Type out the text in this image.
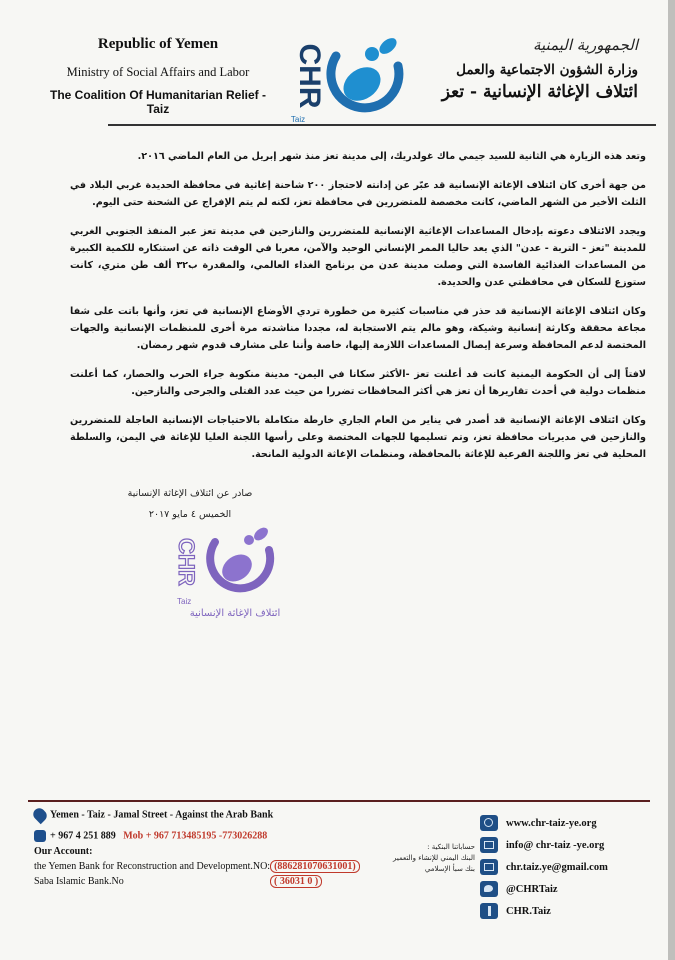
Republic of Yemen
Ministry of Social Affairs and Labor
The Coalition Of Humanitarian Relief - Taiz
CHR
Taiz
الجمهورية اليمنية
وزارة الشؤون الاجتماعية والعمل
ائتلاف الإغاثة الإنسانية - تعز

وتعد هذه الزيارة هي الثانية للسيد جيمي ماك غولدريك، إلى مدينة تعز منذ شهر إبريل من العام الماضي ٢٠١٦.

من جهة أخرى كان ائتلاف الإغاثة الإنسانية قد عبّر عن إدانته لاحتجاز ٢٠٠ شاحنة إغاثية في محافظة الحديدة غربي البلاد في الثلث الأخير من الشهر الماضي، كانت مخصصة للمتضررين في محافظة تعز، لكنه لم يتم الإفراج عن الشحنة حتى اليوم.

ويجدد الائتلاف دعوته بإدخال المساعدات الإغاثية الإنسانية للمتضررين والنازحين في مدينة تعز عبر المنفذ الجنوبي الغربي للمدينة "تعز - التربة - عدن" الذي يعد حاليا الممر الإنساني الوحيد والآمن، معربا في الوقت ذاته عن استنكاره للكمية الكبيرة من المساعدات الغذائية الفاسدة التي وصلت مدينة عدن من برنامج الغذاء العالمي، والمقدرة ب٣٢ ألف طن متري، كانت ستوزع للسكان في محافظتي عدن والحديدة.

وكان ائتلاف الإغاثة الإنسانية قد حذر في مناسبات كثيرة من خطورة تردي الأوضاع الإنسانية في تعز، وأنها باتت على شفا مجاعة محققة وكارثة إنسانية وشيكة، وهو مالم يتم الاستجابة له، مجددا مناشدته مرة أخرى للمنظمات الإنسانية والجهات المختصة لدعم المحافظة وسرعة إيصال المساعدات اللازمة إليها، خاصة وأننا على مشارف قدوم شهر رمضان.

لافتاً إلى أن الحكومة اليمنية كانت قد أعلنت تعز -الأكثر سكانا في اليمن- مدينة منكوبة جراء الحرب والحصار، كما أعلنت منظمات دولية في أحدث تقاريرها أن تعز هي أكثر المحافظات تضررا من حيث عدد القتلى والجرحى والنازحين.

وكان ائتلاف الإغاثة الإنسانية قد أصدر في يناير من العام الجاري خارطة متكاملة بالاحتياجات الإنسانية العاجلة للمتضررين والنازحين في مديريات محافظة تعز، وتم تسليمها للجهات المختصة وعلى رأسها اللجنة العليا للإغاثة في اليمن، والسلطة المحلية في تعز واللجنة الفرعية للإغاثة بالمحافظة، ومنظمات الإغاثة الدولية المانحة.

صادر عن ائتلاف الإغاثة الإنسانية
الخميس ٤ مايو ٢٠١٧
CHR
Taiz
ائتلاف الإغاثة الإنسانية
Yemen - Taiz - Jamal Street - Against the Arab Bank
+ 967 4 251 889 Mob + 967 713485195 -773026288
Our Account:
the Yemen Bank for Reconstruction and Development.NO: (886281070631001)
Saba Islamic Bank.No	( 36031 0 )
حساباتنا البنكية :
البنك اليمني للإنشاء والتعمير
بنك سبأ الإسلامي
www.chr-taiz-ye.org
info@ chr-taiz -ye.org
chr.taiz.ye@gmail.com
@CHRTaiz
CHR.Taiz
